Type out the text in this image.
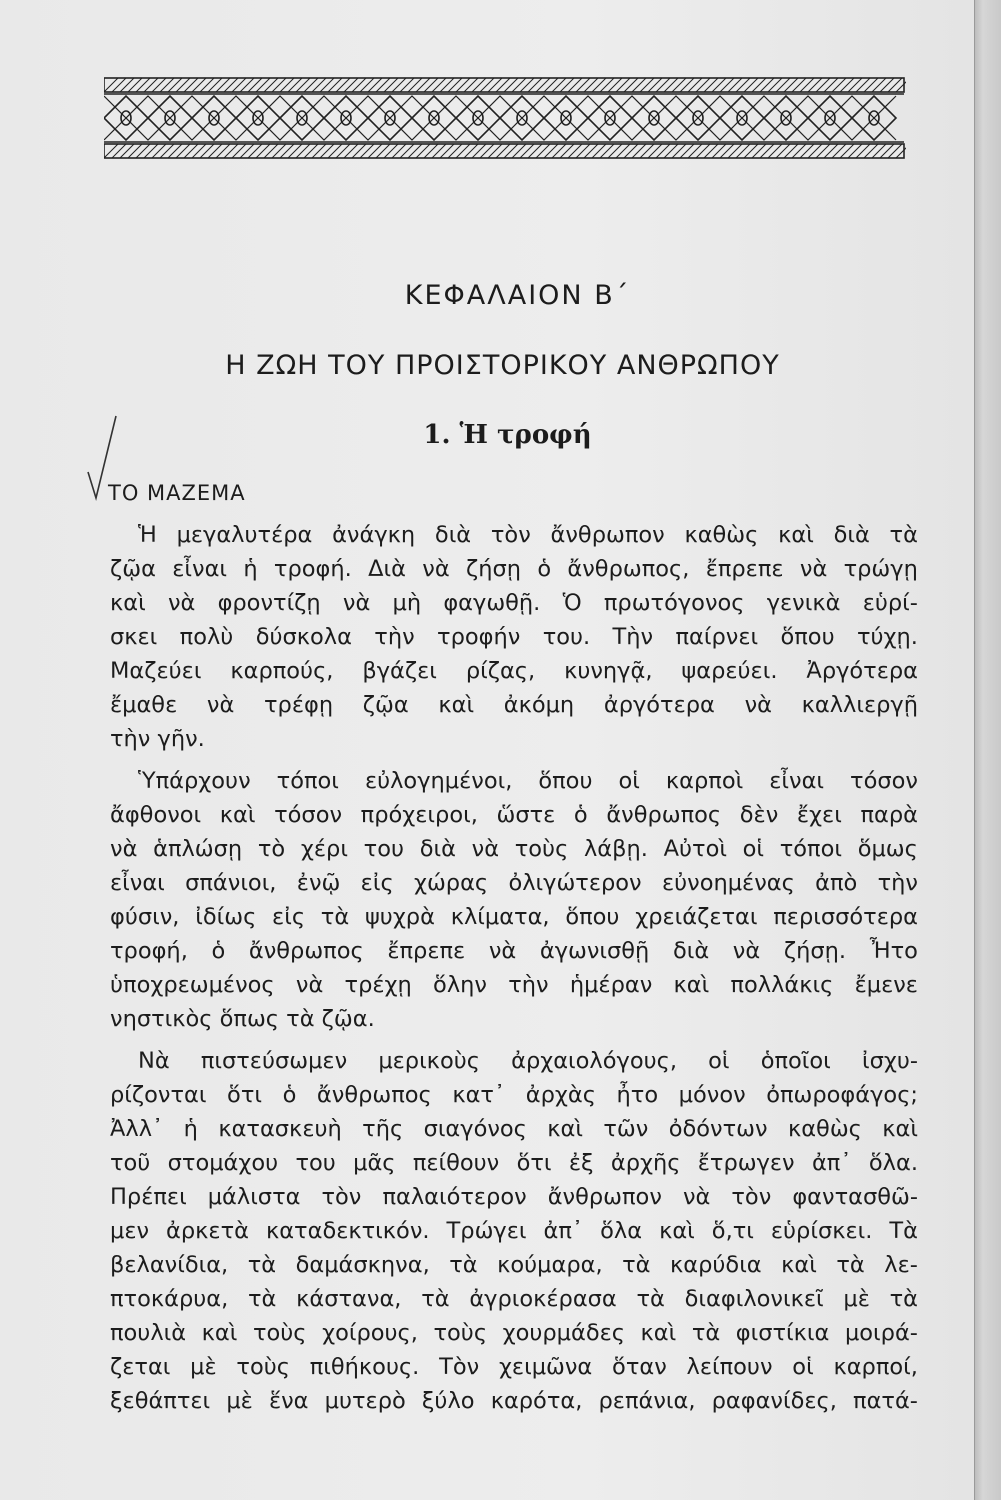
ΚΕΦΑΛΑΙΟΝ Β΄
Η ΖΩΗ ΤΟΥ ΠΡΟΙΣΤΟΡΙΚΟΥ ΑΝΘΡΩΠΟΥ
1. Ἡ τροφή
ΤΟ ΜΑΖΕΜΑ
Ἡ μεγαλυτέρα ἀνάγκη διὰ τὸν ἄνθρωπον καθὼς καὶ διὰ τὰ
ζῷα εἶναι ἡ τροφή. Διὰ νὰ ζήσῃ ὁ ἄνθρωπος, ἔπρεπε νὰ τρώγῃ
καὶ νὰ φροντίζῃ νὰ μὴ φαγωθῇ. Ὁ πρωτόγονος γενικὰ εὑρί-
σκει πολὺ δύσκολα τὴν τροφήν του. Τὴν παίρνει ὅπου τύχῃ.
Μαζεύει καρπούς, βγάζει ρίζας, κυνηγᾷ, ψαρεύει. Ἀργότερα
ἔμαθε νὰ τρέφῃ ζῷα καὶ ἀκόμη ἀργότερα νὰ καλλιεργῇ
τὴν γῆν.
Ὑπάρχουν τόποι εὐλογημένοι, ὅπου οἱ καρποὶ εἶναι τόσον
ἄφθονοι καὶ τόσον πρόχειροι, ὥστε ὁ ἄνθρωπος δὲν ἔχει παρὰ
νὰ ἁπλώσῃ τὸ χέρι του διὰ νὰ τοὺς λάβῃ. Αὐτοὶ οἱ τόποι ὅμως
εἶναι σπάνιοι, ἐνῷ εἰς χώρας ὀλιγώτερον εὐνοημένας ἀπὸ τὴν
φύσιν, ἰδίως εἰς τὰ ψυχρὰ κλίματα, ὅπου χρειάζεται περισσότερα
τροφή, ὁ ἄνθρωπος ἔπρεπε νὰ ἀγωνισθῇ διὰ νὰ ζήσῃ. Ἦτο
ὑποχρεωμένος νὰ τρέχῃ ὅλην τὴν ἡμέραν καὶ πολλάκις ἔμενε
νηστικὸς ὅπως τὰ ζῷα.
Νὰ πιστεύσωμεν μερικοὺς ἀρχαιολόγους, οἱ ὁποῖοι ἰσχυ-
ρίζονται ὅτι ὁ ἄνθρωπος κατ᾽ ἀρχὰς ἦτο μόνον ὀπωροφάγος;
Ἀλλ᾽ ἡ κατασκευὴ τῆς σιαγόνος καὶ τῶν ὀδόντων καθὼς καὶ
τοῦ στομάχου του μᾶς πείθουν ὅτι ἐξ ἀρχῆς ἔτρωγεν ἀπ᾽ ὅλα.
Πρέπει μάλιστα τὸν παλαιότερον ἄνθρωπον νὰ τὸν φαντασθῶ-
μεν ἀρκετὰ καταδεκτικόν. Τρώγει ἀπ᾽ ὅλα καὶ ὅ,τι εὑρίσκει. Τὰ
βελανίδια, τὰ δαμάσκηνα, τὰ κούμαρα, τὰ καρύδια καὶ τὰ λε-
πτοκάρυα, τὰ κάστανα, τὰ ἀγριοκέρασα τὰ διαφιλονικεῖ μὲ τὰ
πουλιὰ καὶ τοὺς χοίρους, τοὺς χουρμάδες καὶ τὰ φιστίκια μοιρά-
ζεται μὲ τοὺς πιθήκους. Τὸν χειμῶνα ὅταν λείπουν οἱ καρποί,
ξεθάπτει μὲ ἕνα μυτερὸ ξύλο καρότα, ρεπάνια, ραφανίδες, πατά-
